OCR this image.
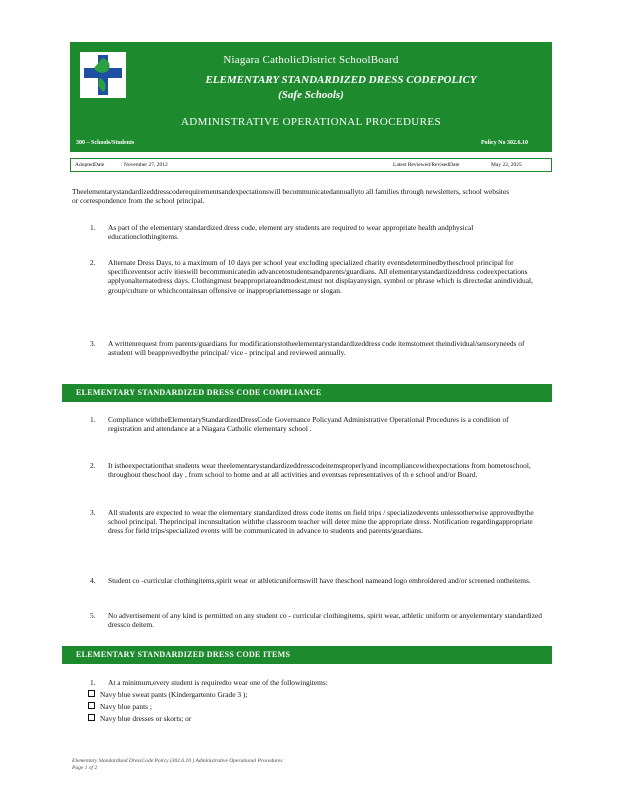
Niagara CatholicDistrict SchoolBoard
ELEMENTARY STANDARDIZED DRESS CODEPOLICY
(Safe Schools)
ADMINISTRATIVE OPERATIONAL PROCEDURES
300 – Schools/Students	Policy No 302.6.10
AdoptedDate	: November 27, 2012	Latest Reviewed/RevisedDate	May 22, 2025
Theelementarystandardizeddresscoderequirementsandexpectationswill becommunicatedannuallyto all families through newsletters, school websites or correspondence from the school principal.
1.	As part of the elementary standardized dress code, element ary students are required to wear appropriate health andphysical educationclothingitems.
2.	Alternate Dress Days, to a maximum of 10 days per school year excluding specialized charity eventsdeterminedbytheschool principal for specificeventsor activ itieswill becommunicatedin advancetostudentsandparents/guardians. All elementarystandardizeddress codeexpectations applyonalternatedress days. Clothingmust beappropriateandmodest,must not displayanysign, symbol or phrase which is directedat anindividual, group/culture or whichcontainsan offensive or inappropriatemessage or slogan.
3.	A writtenrequest from parents/guardians for modificationstotheelementarystandardizeddress code itemstomeet theindividual/sensoryneeds of astudent will beapprovedbythe principal/ vice - principal and reviewed annually.
ELEMENTARY STANDARDIZED DRESS CODE COMPLIANCE
1.	Compliance withtheElementaryStandardizedDressCode Governance Policyand Administrative Operational Procedures is a condition of registration and attendance at a Niagara Catholic elementary school .
2.	It istheexpectationthat students wear theelementarystandardizeddresscodeitemsproperlyand incompliancewithexpectations from hometoschool, throughout theschool day , from school to home and at all activities and eventsas representatives of th e school and/or Board.
3.	All students are expected to wear the elementary standardized dress code items on field trips / specializedevents unlessotherwise approvedbythe school principal. Theprincipal inconsultation withthe classroom teacher will deter mine the appropriate dress. Notification regardingappropriate dress for field trips/specialized events will be communicated in advance to students and parents/guardians.
4.	Student co -curricular clothingitems,spirit wear or athleticuniformswill have theschool nameand logo embroidered and/or screened ontheitems.
5.	No advertisement of any kind is permitted on any student co - curricular clothingitems, spirit wear, athletic uniform or anyelementary standardized dressco deitem.
ELEMENTARY STANDARDIZED DRESS CODE ITEMS
1.	At a minimum,every student is requiredto wear one of the followingitems:
Navy blue sweat pants (Kindergartento Grade 3 );
Navy blue pants ;
Navy blue dresses or skorts; or
Elementary Standardized DressCode Policy (302.6.10 ) Administrative Operational Procedures
Page 1 of 2
